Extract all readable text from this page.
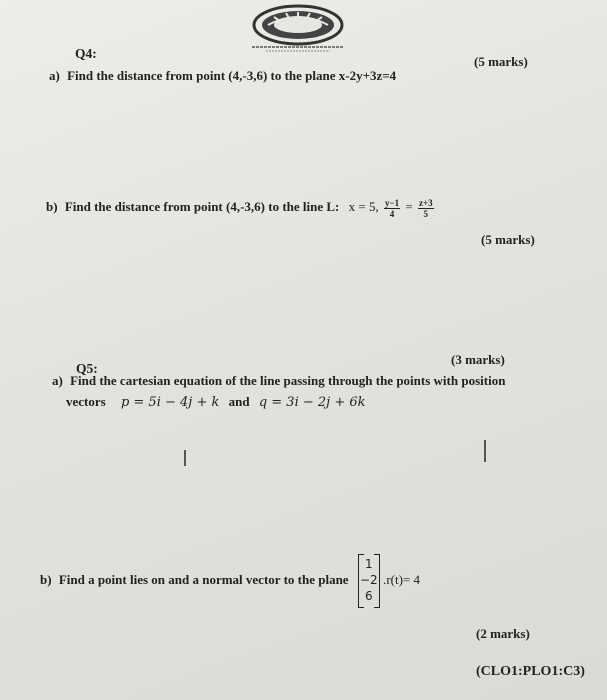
Q4:
(5 marks)
a) Find the distance from point (4,-3,6) to the plane x-2y+3z=4
b) Find the distance from point (4,-3,6) to the line L: x = 5, $\frac{y-1}{4} = \frac{z+3}{5}$
(5 marks)
(3 marks)
Q5:
a) Find the cartesian equation of the line passing through the points with position
vectors p = 5i − 4j + k and q = 3i − 2j + 6k
b) Find a point lies on and a normal vector to the plane
1
−2
6
.r(t)= 4
(2 marks)
(CLO1:PLO1:C3)
